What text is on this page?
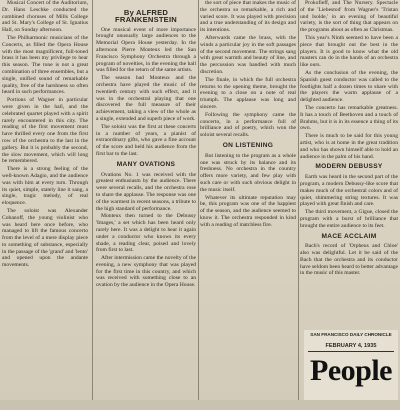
Musical Concert of the Auditorium, Dr. Hans Leschke conducted the combined choruses of Mills College and St. Mary's College of St. Ignatius Hall, on Sunday afternoon.

The Philharmonic musicians of the Concerts, as filled the Opera House with the most magnificent, full-toned brass it has been my privilege to hear this season. The tone is not a great combination of three ensembles, but a single, unified sound of remarkable quality, free of the harshness so often heard in such performances.

Portions of Wagner in particular were given in the hall, and the celebrated quartet played with a spirit rarely encountered in this city. The reading of the first movement must have thrilled every one from the first row of the orchestra to the last in the gallery. But it is probably the second, the slow movement, which will long be remembered.

There is a strong feeling of the well-known Adagio, and the audience was with him at every turn. Through its quiet, simple, stately line it sang, a single, tragic melody, of real eloquence.

The soloist was Alexander Cobanoff, the young violinist who was heard here once before, who managed to lift the famous concerto from the level of a mere display piece to something of substance, especially in the passage of the 'grand' and 'lento' and opened upon the andante movements.

By ALFRED FRANKENSTEIN

One musical event of more importance brought unusually large audiences to the Memorial Opera House yesterday. In the afternoon Pierre Monteux led the San Francisco Symphony Orchestra through a program of novelties, in the evening the hall was filled for the return of the same artists.

The season had Monteux and the orchestra have played the music of the twentieth century with such effect, and it was in the orchestral playing that one discovered the full measure of their achievement, taking a view of the whole as a single, extended and superb piece of work.

The soloist was the first at these concerts in a number of years, a pianist of extraordinary gifts, who gave a fine account of the score and held his audience from the first bar to the last.

MANY OVATIONS

Ovations No. 1 was received with the greatest enthusiasm by the audience. There were several recalls, and the orchestra rose to share the applause. The response was one of the warmest in recent seasons, a tribute to the high standard of performance.

Monteux then turned to the Debussy 'Images,' a set which has been heard only rarely here. It was a delight to hear it again under a conductor who knows its every shade, a reading clear, poised and lovely from first to last.

After intermission came the novelty of the evening, a new symphony that was played for the first time in this country, and which was received with something close to an ovation by the audience in the Opera House.

the sort of piece that makes the music of the orchestra so remarkable, a rich and varied score. It was played with precision and a true understanding of its design and its intentions.

Afterwards came the brass, with the winds a particular joy in the soft passages of the second movement. The strings sang with great warmth and beauty of line, and the percussion was handled with much discretion.

The finale, in which the full orchestra returns to the opening theme, brought the evening to a close on a note of real triumph. The applause was long and sincere.

Following the symphony came the concerto, in a performance full of brilliance and of poetry, which won the soloist several recalls.

ON LISTENING

But listening to the program as a whole one was struck by its balance and its freshness. No orchestra in the country offers more variety, and few play with such care or with such obvious delight in the music itself.

Whatever its ultimate reputation may be, this program was one of the happiest of the season, and the audience seemed to know it. The orchestra responded in kind with a reading of matchless fire.

Prokofieff, and The Nursery. Spectacle of the 'Liebestod' from Wagner's 'Tristan und Isolde,' in an evening of beautiful variety, is the sort of thing that appears on the programs about as often as Christmas.

This year's Ninth seemed to have been a piece that brought out the best in the players. It is good to know what the old masters can do in the hands of an orchestra like ours.

As the conclusion of the evening, the Spanish guest conductor was called to the footlights half a dozen times to share with the players the warm applause of a delighted audience.

The concerto has remarkable greatness. It has a touch of Beethoven and a touch of Brahms, but it is in its essence a thing of its own.

There is much to be said for this young artist, who is at home in the great tradition and who has shown himself able to hold an audience in the palm of his hand.

MODERN DEBUSSY

Earth was heard in the second part of the program, a modern Debussy-like score that makes much of the orchestral colors and of quiet, shimmering string textures. It was played with great finish and care.

The third movement, a Gigue, closed the program with a burst of brilliance that brought the entire audience to its feet.

MACE ACCLAIM

Bach's record of 'Orpheus and Chloe' also was delightful. Let it be said of the Bach that the orchestra and its conductor have seldom been heard to better advantage in the music of this master.

SAN FRANCISCO DAILY CHRONICLE
FEBRUARY 4, 1935
People
